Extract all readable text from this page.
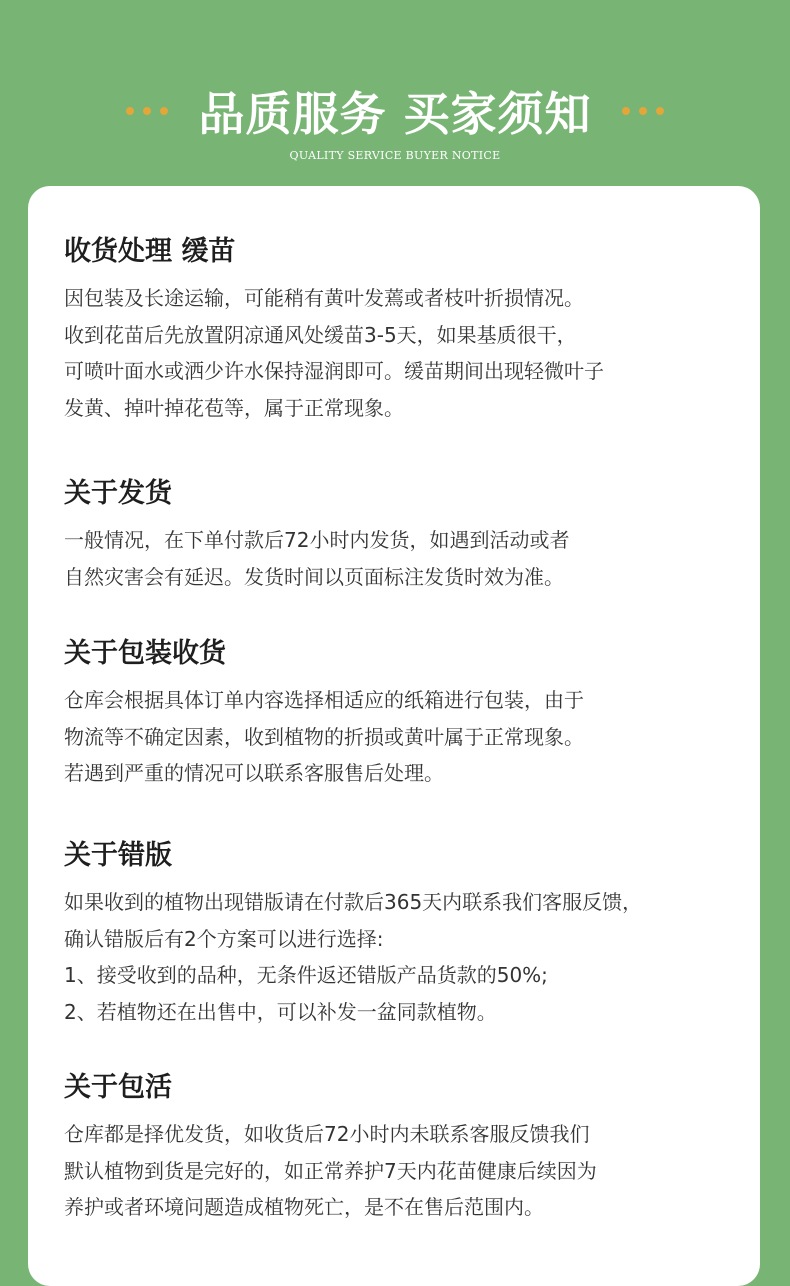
品质服务 买家须知
QUALITY SERVICE BUYER NOTICE
收货处理 缓苗
因包装及长途运输，可能稍有黄叶发蔫或者枝叶折损情况。
收到花苗后先放置阴凉通风处缓苗3-5天，如果基质很干，
可喷叶面水或洒少许水保持湿润即可。缓苗期间出现轻微叶子
发黄、掉叶掉花苞等，属于正常现象。
关于发货
一般情况，在下单付款后72小时内发货，如遇到活动或者
自然灾害会有延迟。发货时间以页面标注发货时效为准。
关于包装收货
仓库会根据具体订单内容选择相适应的纸箱进行包装，由于
物流等不确定因素，收到植物的折损或黄叶属于正常现象。
若遇到严重的情况可以联系客服售后处理。
关于错版
如果收到的植物出现错版请在付款后365天内联系我们客服反馈，
确认错版后有2个方案可以进行选择:
1、接受收到的品种，无条件返还错版产品货款的50%;
2、若植物还在出售中，可以补发一盆同款植物。
关于包活
仓库都是择优发货，如收货后72小时内未联系客服反馈我们
默认植物到货是完好的，如正常养护7天内花苗健康后续因为
养护或者环境问题造成植物死亡，是不在售后范围内。
